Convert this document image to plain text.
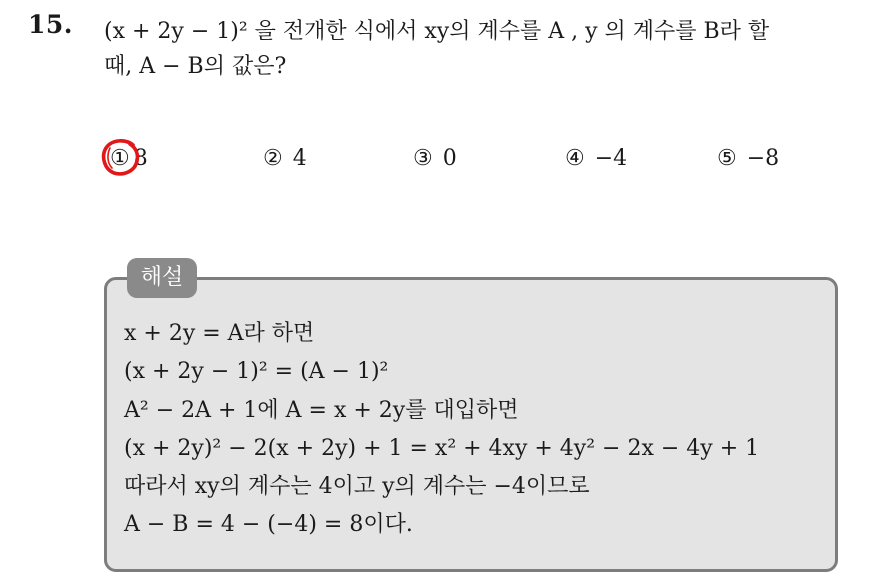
15. (x + 2y − 1)² 을 전개한 식에서 xy의 계수를 A , y 의 계수를 B라 할
때, A − B의 값은?
① 8	② 4	③ 0	④ −4	⑤ −8
해설
x + 2y = A라 하면
(x + 2y − 1)² = (A − 1)²
A² − 2A + 1에 A = x + 2y를 대입하면
(x + 2y)² − 2(x + 2y) + 1 = x² + 4xy + 4y² − 2x − 4y + 1
따라서 xy의 계수는 4이고 y의 계수는 −4이므로
A − B = 4 − (−4) = 8이다.
